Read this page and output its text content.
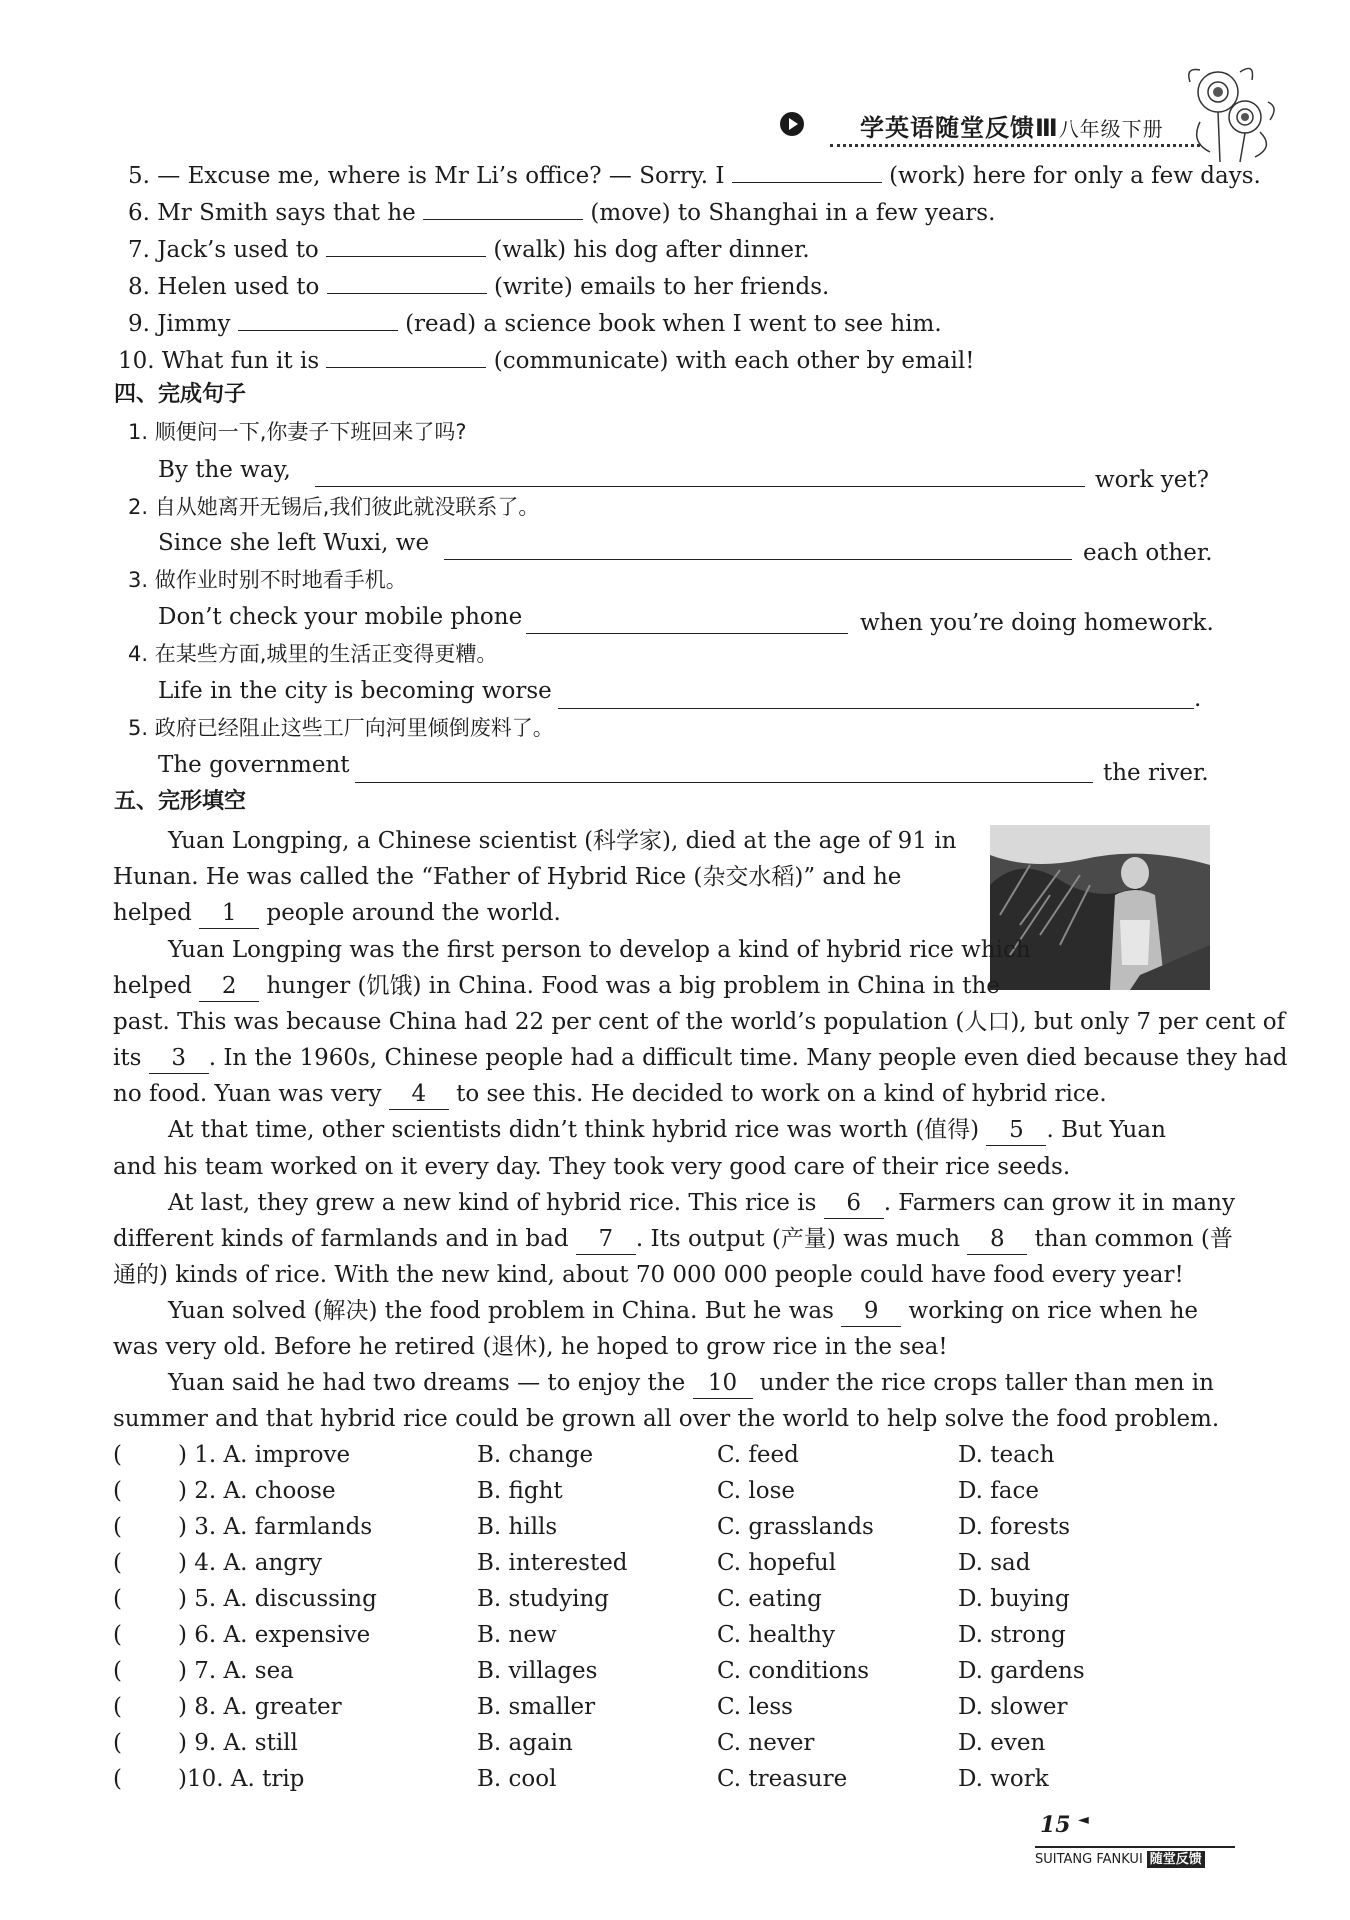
学英语随堂反馈Ⅲ八年级下册
5. — Excuse me, where is Mr Li’s office? — Sorry. I	(work) here for only a few days.
6. Mr Smith says that he	(move) to Shanghai in a few years.
7. Jack’s used to	(walk) his dog after dinner.
8. Helen used to	(write) emails to her friends.
9. Jimmy	(read) a science book when I went to see him.
10. What fun it is	(communicate) with each other by email!
四、完成句子
1. 顺便问一下,你妻子下班回来了吗?
By the way,	work yet?
2. 自从她离开无锡后,我们彼此就没联系了。
Since she left Wuxi, we	each other.
3. 做作业时别不时地看手机。
Don’t check your mobile phone	when you’re doing homework.
4. 在某些方面,城里的生活正变得更糟。
Life in the city is becoming worse	.
5. 政府已经阻止这些工厂向河里倾倒废料了。
The government	the river.
五、完形填空
Yuan Longping, a Chinese scientist (科学家), died at the age of 91 in
Hunan. He was called the “Father of Hybrid Rice (杂交水稻)” and he
helped 1 people around the world.
Yuan Longping was the first person to develop a kind of hybrid rice which
helped 2 hunger (饥饿) in China. Food was a big problem in China in the
past. This was because China had 22 per cent of the world’s population (人口), but only 7 per cent of
its 3 . In the 1960s, Chinese people had a difficult time. Many people even died because they had
no food. Yuan was very 4 to see this. He decided to work on a kind of hybrid rice.
At that time, other scientists didn’t think hybrid rice was worth (值得) 5 . But Yuan
and his team worked on it every day. They took very good care of their rice seeds.
At last, they grew a new kind of hybrid rice. This rice is 6 . Farmers can grow it in many
different kinds of farmlands and in bad 7 . Its output (产量) was much 8 than common (普
通的) kinds of rice. With the new kind, about 70 000 000 people could have food every year!
Yuan solved (解决) the food problem in China. But he was 9 working on rice when he
was very old. Before he retired (退休), he hoped to grow rice in the sea!
Yuan said he had two dreams — to enjoy the 10 under the rice crops taller than men in
summer and that hybrid rice could be grown all over the world to help solve the food problem.
( ) 1. A. improve	B. change	C. feed	D. teach
( ) 2. A. choose	B. fight	C. lose	D. face
( ) 3. A. farmlands	B. hills	C. grasslands	D. forests
( ) 4. A. angry	B. interested	C. hopeful	D. sad
( ) 5. A. discussing	B. studying	C. eating	D. buying
( ) 6. A. expensive	B. new	C. healthy	D. strong
( ) 7. A. sea	B. villages	C. conditions	D. gardens
( ) 8. A. greater	B. smaller	C. less	D. slower
( ) 9. A. still	B. again	C. never	D. even
( )10. A. trip	B. cool	C. treasure	D. work
15 ◄
SUITANG FANKUI 随堂反馈
